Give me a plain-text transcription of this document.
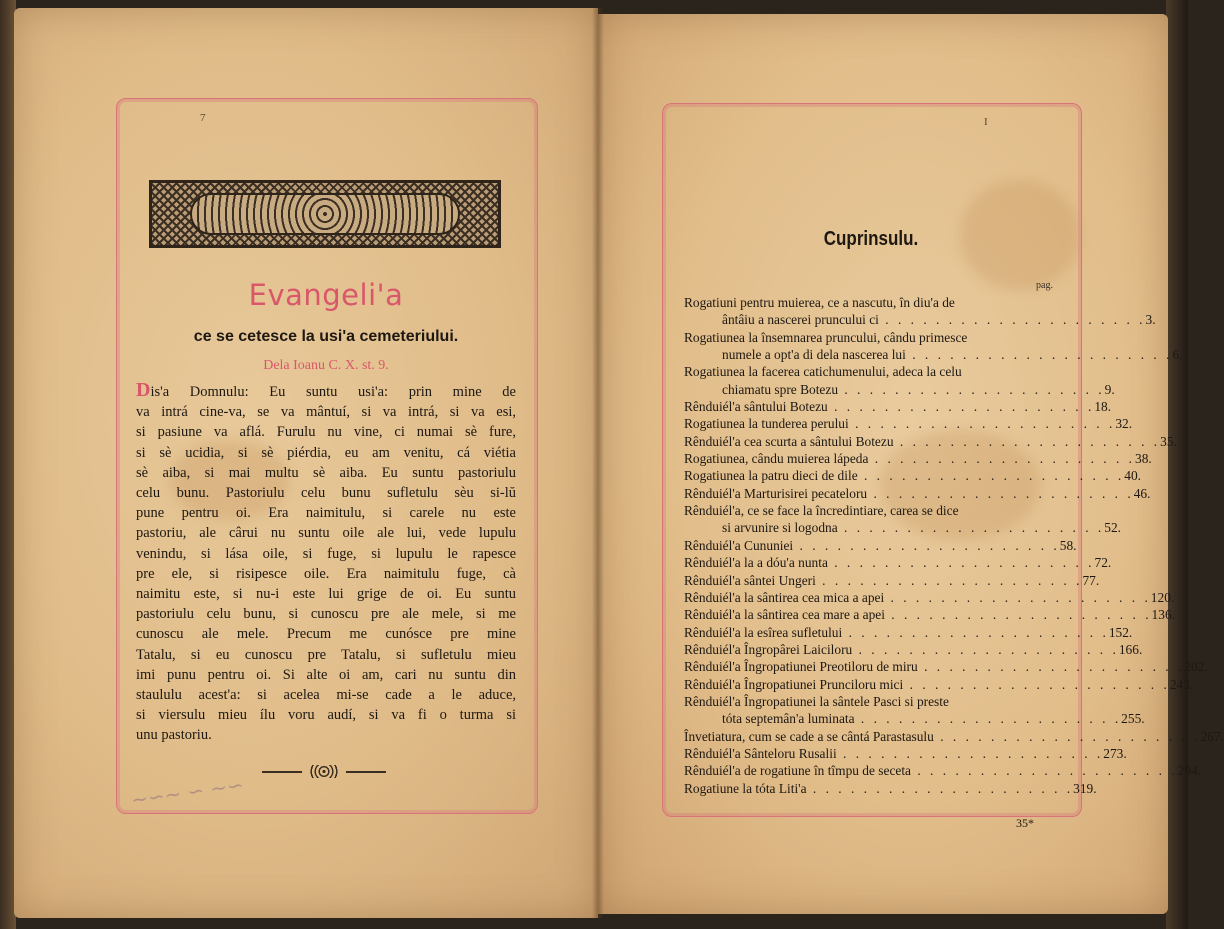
7
Evangeli'a
ce se cetesce la usi'a cemeteriului.
Dela Ioanu C. X. st. 9.
Dis'a Domnulu: Eu suntu usi'a: prin mine de
va intrá cine-va, se va mântuí, si va intrá, si va esi,
si pasiune va aflá. Furulu nu vine, ci numai sè fure,
si sè ucidia, si sè piérdia, eu am venitu, cá viétia
sè aiba, si mai multu sè aiba. Eu suntu pastoriulu
celu bunu. Pastoriulu celu bunu sufletulu sèu si-lŭ
pune pentru oi. Era naimitulu, si carele nu este
pastoriu, ale cârui nu suntu oile ale lui, vede lupulu
venindu, si lása oile, si fuge, si lupulu le rapesce
pre ele, si risipesce oile. Era naimitulu fuge, cà
naimitu este, si nu-i este lui grige de oi. Eu suntu
pastoriulu celu bunu, si cunoscu pre ale mele, si me
cunoscu ale mele. Precum me cunósce pre mine
Tatalu, si eu cunoscu pre Tatalu, si sufletulu mieu
imi punu pentru oi. Si alte oi am, cari nu suntu din
staululu acest'a: si acelea mi-se cade a le aduce,
si viersulu mieu ílu voru audí, si va fi o turma si
unu pastoriu.
∼∽∼ ∽ ∼∽
I
Cuprinsulu.
pag.
Rogatiuni pentru muierea, ce a nascutu, în diu'a de
ântâiu a nascerei pruncului ci . . . . . . . . . . . . . . . . . . . . . 3.
Rogatiunea la însemnarea pruncului, cându primesce
numele a opt'a di dela nascerea lui . . . . . . . . . . . . . . . . . . . . . 6.
Rogatiunea la facerea catichumenului, adeca la celu
chiamatu spre Botezu . . . . . . . . . . . . . . . . . . . . . 9.
Rênduiél'a sântului Botezu . . . . . . . . . . . . . . . . . . . . . 18.
Rogatiunea la tunderea perului . . . . . . . . . . . . . . . . . . . . . 32.
Rênduiél'a cea scurta a sântului Botezu . . . . . . . . . . . . . . . . . . . . . 35.
Rogatiunea, cându muierea lápeda . . . . . . . . . . . . . . . . . . . . . 38.
Rogatiunea la patru dieci de dile . . . . . . . . . . . . . . . . . . . . . 40.
Rênduiél'a Marturisirei pecateloru . . . . . . . . . . . . . . . . . . . . . 46.
Rênduiél'a, ce se face la încredintiare, carea se dice
si arvunire si logodna . . . . . . . . . . . . . . . . . . . . . 52.
Rênduiél'a Cununiei . . . . . . . . . . . . . . . . . . . . . 58.
Rênduiél'a la a dóu'a nunta . . . . . . . . . . . . . . . . . . . . . 72.
Rênduiél'a sântei Ungeri . . . . . . . . . . . . . . . . . . . . . 77.
Rênduiél'a la sântirea cea mica a apei . . . . . . . . . . . . . . . . . . . . . 120.
Rênduiél'a la sântirea cea mare a apei . . . . . . . . . . . . . . . . . . . . . 136.
Rênduiél'a la esîrea sufletului . . . . . . . . . . . . . . . . . . . . . 152.
Rênduiél'a Îngropârei Laiciloru . . . . . . . . . . . . . . . . . . . . . 166.
Rênduiél'a Îngropatiunei Preotiloru de miru . . . . . . . . . . . . . . . . . . . . . 202.
Rênduiél'a Îngropatiunei Prunciloru mici . . . . . . . . . . . . . . . . . . . . . 243.
Rênduiél'a Îngropatiunei la sântele Pasci si preste
tóta septemân'a luminata . . . . . . . . . . . . . . . . . . . . . 255.
Învetiatura, cum se cade a se cântá Parastasulu . . . . . . . . . . . . . . . . . . . . . 267.
Rênduiél'a Sânteloru Rusalii . . . . . . . . . . . . . . . . . . . . . 273.
Rênduiél'a de rogatiune în tîmpu de seceta . . . . . . . . . . . . . . . . . . . . . 294.
Rogatiune la tóta Liti'a . . . . . . . . . . . . . . . . . . . . . 319.
35*
